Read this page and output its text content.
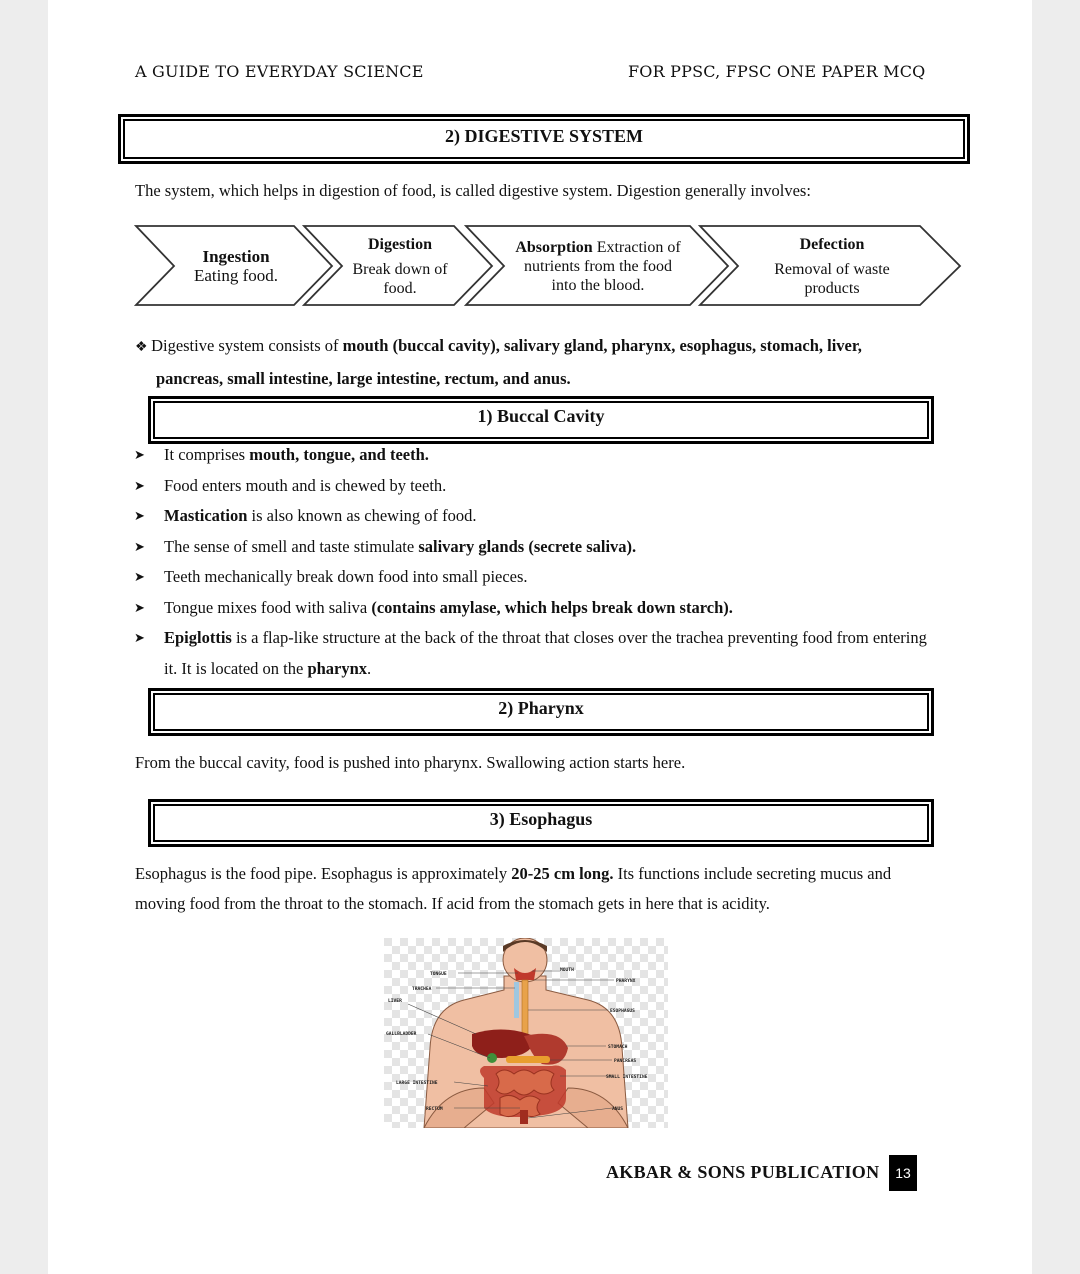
A GUIDE TO EVERYDAY SCIENCE	FOR PPSC, FPSC ONE PAPER MCQ
2) DIGESTIVE SYSTEM
The system, which helps in digestion of food, is called digestive system. Digestion generally involves:
Ingestion
Eating food.
Digestion
Break down of food.
Absorption Extraction of nutrients from the food into the blood.
Defection
Removal of waste products
❖ Digestive system consists of mouth (buccal cavity), salivary gland, pharynx, esophagus, stomach, liver, pancreas, small intestine, large intestine, rectum, and anus.
1) Buccal Cavity
➤ It comprises mouth, tongue, and teeth.
➤ Food enters mouth and is chewed by teeth.
➤ Mastication is also known as chewing of food.
➤ The sense of smell and taste stimulate salivary glands (secrete saliva).
➤ Teeth mechanically break down food into small pieces.
➤ Tongue mixes food with saliva (contains amylase, which helps break down starch).
➤ Epiglottis is a flap-like structure at the back of the throat that closes over the trachea preventing food from entering it. It is located on the pharynx.
2) Pharynx
From the buccal cavity, food is pushed into pharynx. Swallowing action starts here.
3) Esophagus
Esophagus is the food pipe. Esophagus is approximately 20-25 cm long. Its functions include secreting mucus and moving food from the throat to the stomach. If acid from the stomach gets in here that is acidity.
TONGUE
MOUTH
TRACHEA
PHARYNX
LIVER
ESOPHAGUS
GALLBLADDER
STOMACH
PANCREAS
LARGE INTESTINE
SMALL INTESTINE
RECTUM	ANUS
AKBAR & SONS PUBLICATION	13
